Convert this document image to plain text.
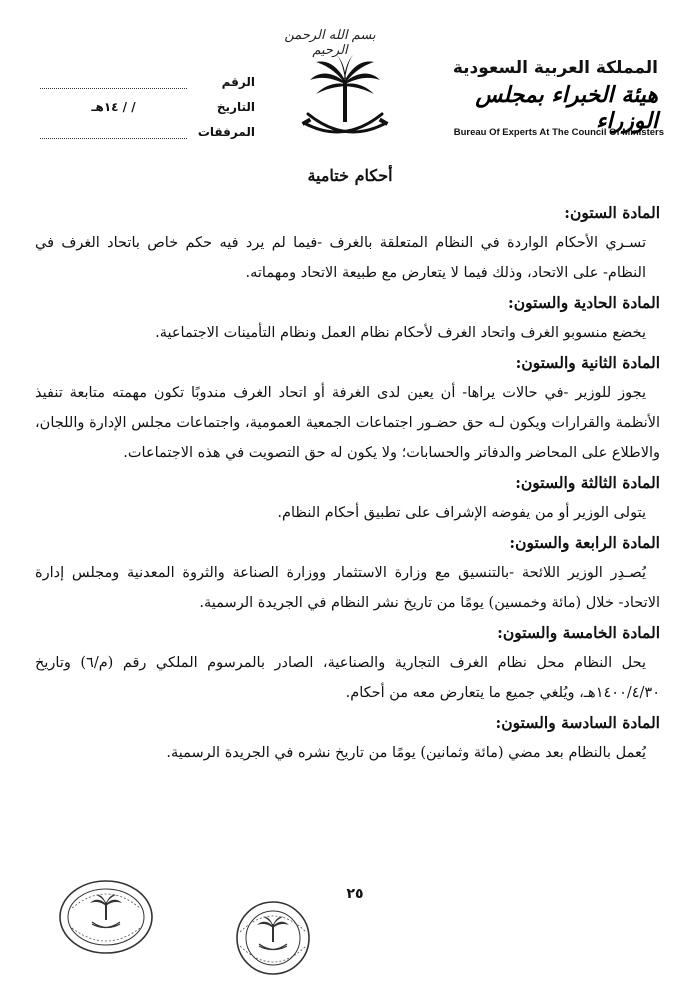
بسم الله الرحمن الرحيم
المملكة العربية السعودية
هيئة الخبراء بمجلس الوزراء
Bureau Of Experts At The Council Of Ministers
الرقم
التاريخ
/ / ١٤هـ
المرفقات
أحكام ختامية

المادة الستون:

تسـري الأحكام الواردة في النظام المتعلقة بالغرف -فيما لم يرد فيه حكم خاص باتحاد الغرف في النظام- على الاتحاد، وذلك فيما لا يتعارض مع طبيعة الاتحاد ومهماته.

المادة الحادية والستون:

يخضع منسوبو الغرف واتحاد الغرف لأحكام نظام العمل ونظام التأمينات الاجتماعية.

المادة الثانية والستون:

يجوز للوزير -في حالات يراها- أن يعين لدى الغرفة أو اتحاد الغرف مندوبًا تكون مهمته متابعة تنفيذ الأنظمة والقرارات ويكون لـه حق حضـور اجتماعات الجمعية العمومية، واجتماعات مجلس الإدارة واللجان، والاطلاع على المحاضر والدفاتر والحسابات؛ ولا يكون له حق التصويت في هذه الاجتماعات.

المادة الثالثة والستون:

يتولى الوزير أو من يفوضه الإشراف على تطبيق أحكام النظام.

المادة الرابعة والستون:

يُصـدِر الوزير اللائحة -بالتنسيق مع وزارة الاستثمار ووزارة الصناعة والثروة المعدنية ومجلس إدارة الاتحاد- خلال (مائة وخمسين) يومًا من تاريخ نشر النظام في الجريدة الرسمية.

المادة الخامسة والستون:

يحل النظام محل نظام الغرف التجارية والصناعية، الصادر بالمرسوم الملكي رقم (م/٦) وتاريخ ١٤٠٠/٤/٣٠هـ، ويُلغي جميع ما يتعارض معه من أحكام.

المادة السادسة والستون:

يُعمل بالنظام بعد مضي (مائة وثمانين) يومًا من تاريخ نشره في الجريدة الرسمية.

٢٥
